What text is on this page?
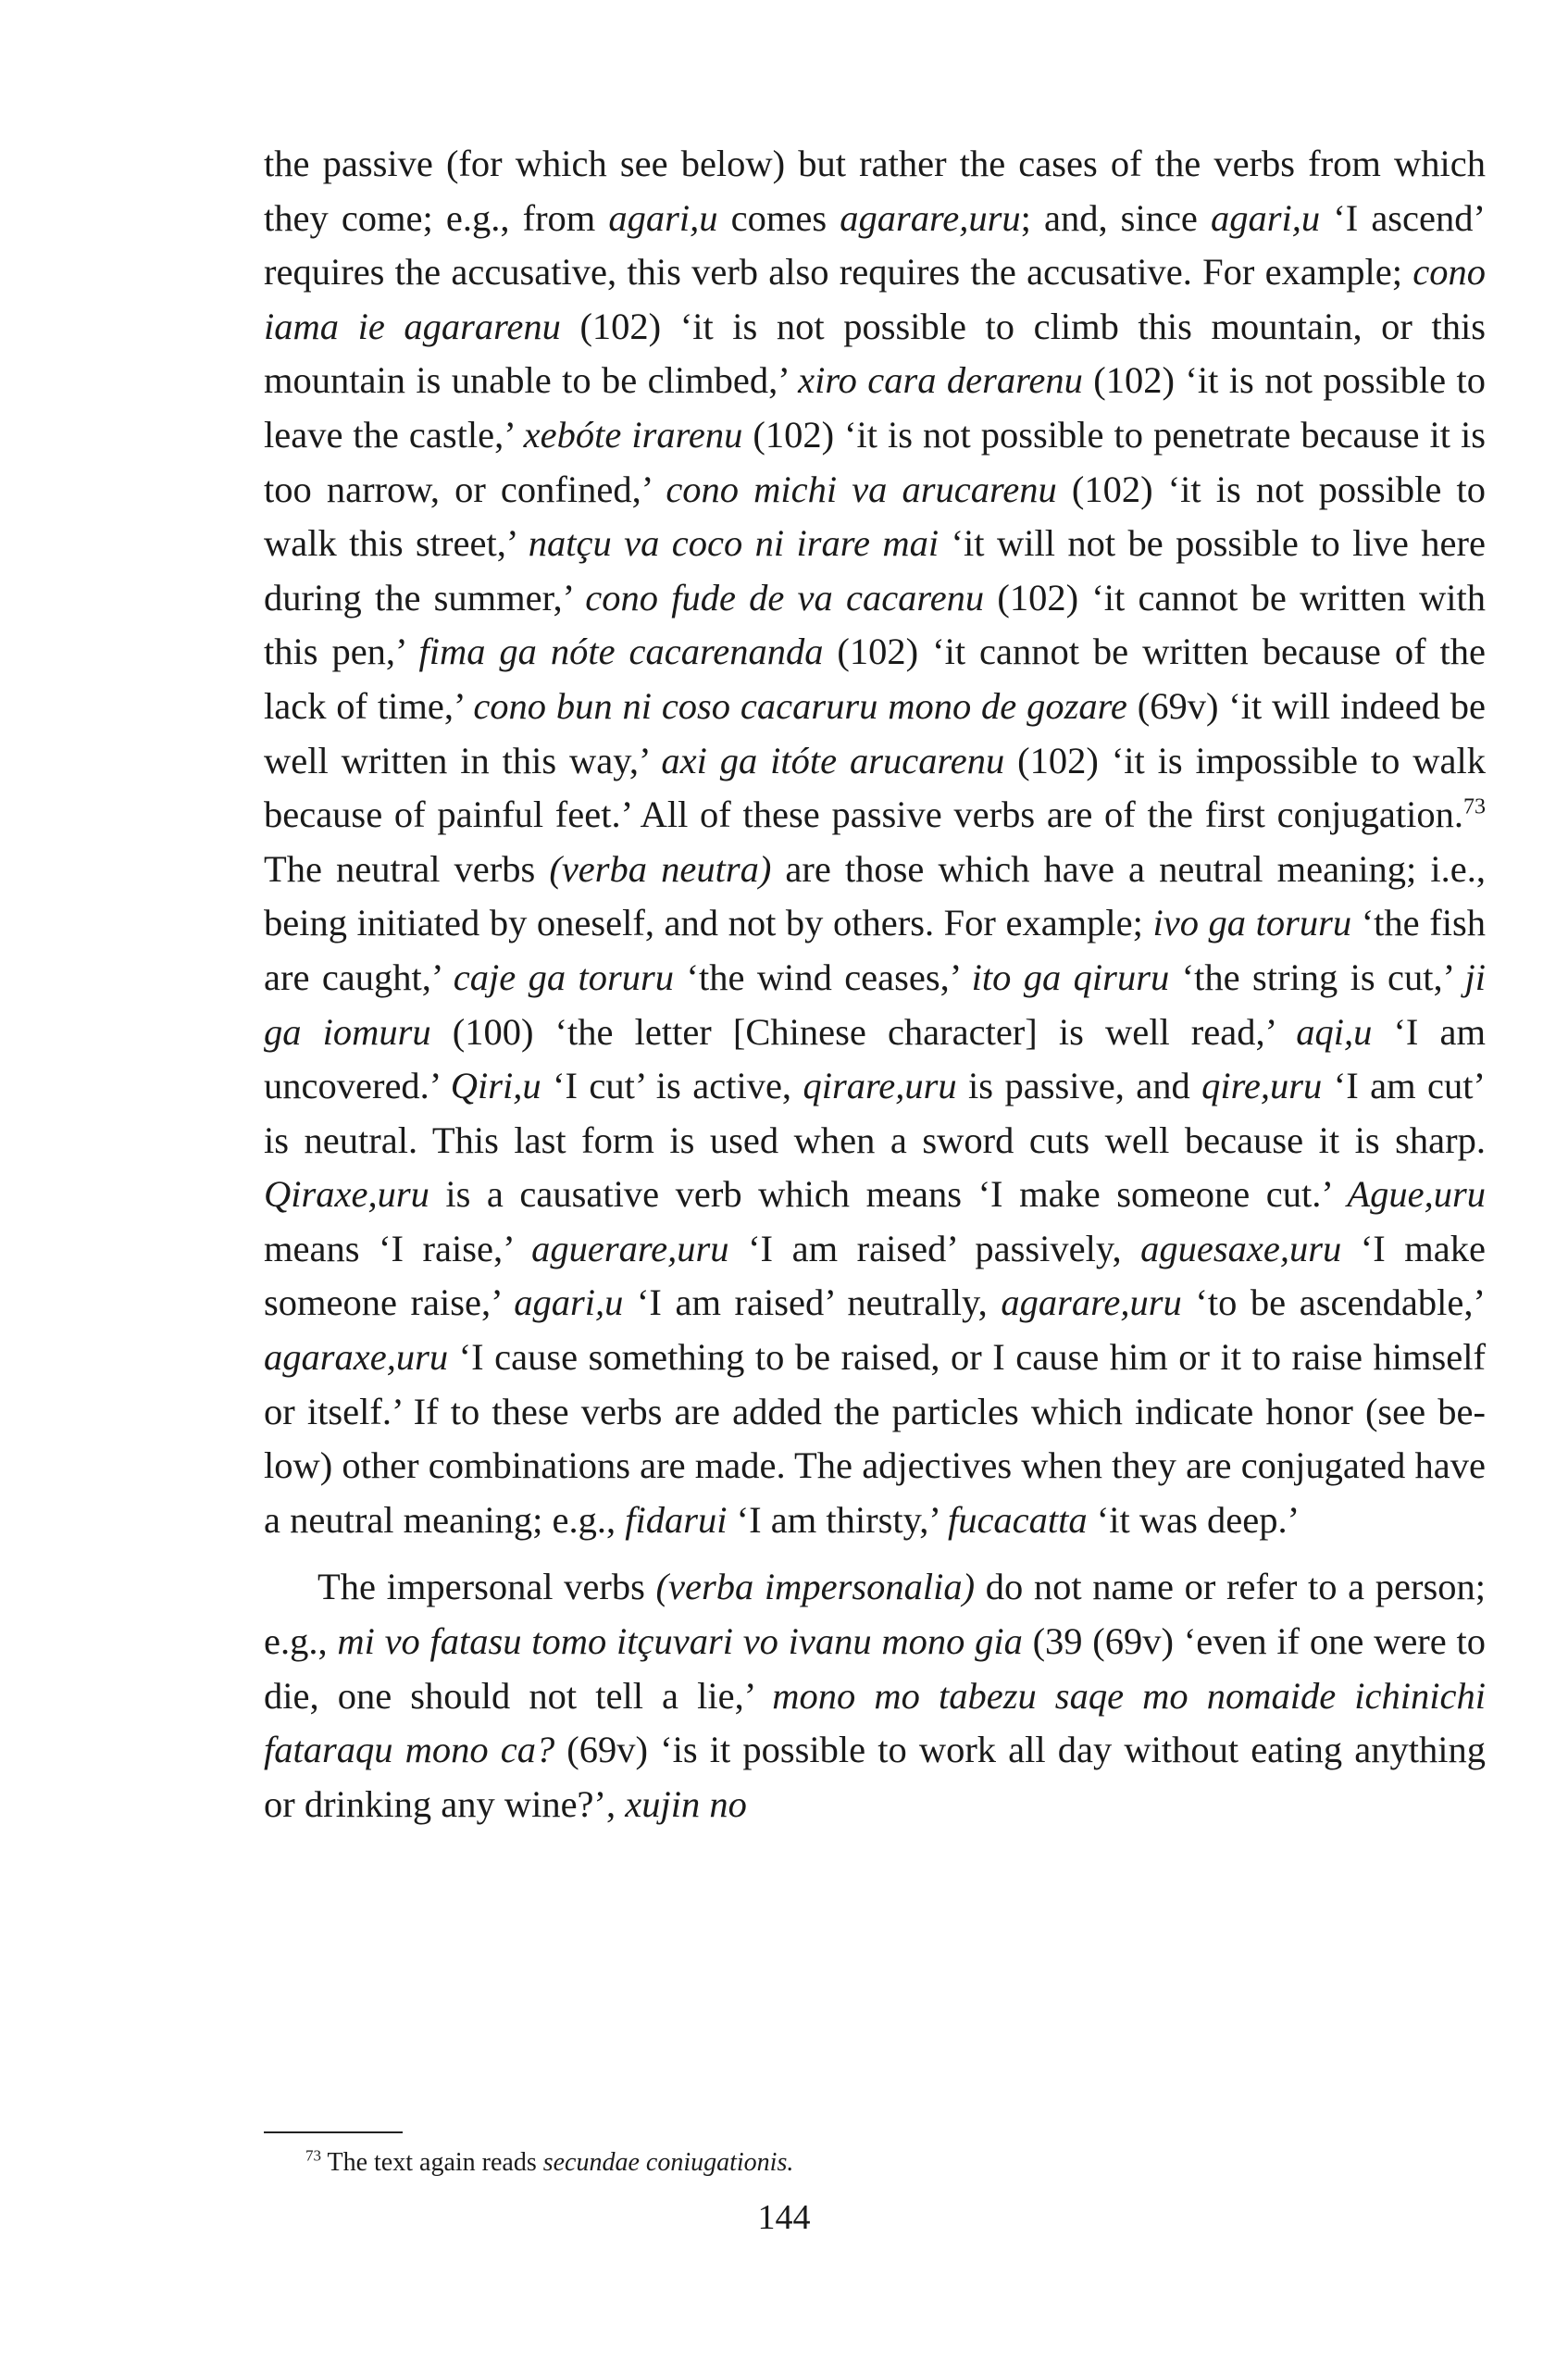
the passive (for which see below) but rather the cases of the verbs from which they come; e.g., from agari,u comes agarare,uru; and, since agari,u ‘I ascend’ requires the accusative, this verb also requires the accusative. For example; cono iama ie agararenu (102) ‘it is not possible to climb this mountain, or this mountain is unable to be climbed,’ xiro cara derarenu (102) ‘it is not possible to leave the castle,’ xebóte irarenu (102) ‘it is not possible to penetrate because it is too narrow, or confined,’ cono michi va arucarenu (102) ‘it is not possible to walk this street,’ natçu va coco ni irare mai ‘it will not be possible to live here during the summer,’ cono fude de va cacarenu (102) ‘it cannot be written with this pen,’ fima ga nóte cacarenanda (102) ‘it cannot be written because of the lack of time,’ cono bun ni coso cacaruru mono de gozare (69v) ‘it will indeed be well written in this way,’ axi ga itóte arucarenu (102) ‘it is impossible to walk because of painful feet.’ All of these passive verbs are of the first conjugation.$^{73}$ The neutral verbs (verba neutra) are those which have a neutral meaning; i.e., being initiated by oneself, and not by others. For example; ivo ga toruru ‘the fish are caught,’ caje ga toruru ‘the wind ceases,’ ito ga qiruru ‘the string is cut,’ ji ga iomuru (100) ‘the letter [Chinese character] is well read,’ aqi,u ‘I am uncovered.’ Qiri,u ‘I cut’ is active, qirare,uru is passive, and qire,uru ‘I am cut’ is neutral. This last form is used when a sword cuts well because it is sharp. Qiraxe,uru is a causative verb which means ‘I make someone cut.’ Ague,uru means ‘I raise,’ aguerare,uru ‘I am raised’ passively, aguesaxe,uru ‘I make someone raise,’ agari,u ‘I am raised’ neutrally, agarare,uru ‘to be ascendable,’ agaraxe,uru ‘I cause something to be raised, or I cause him or it to raise himself or itself.’ If to these verbs are added the particles which indicate honor (see below) other combinations are made. The adjectives when they are conjugated have a neutral meaning; e.g., fidarui ‘I am thirsty,’ fucacatta ‘it was deep.’

The impersonal verbs (verba impersonalia) do not name or refer to a person; e.g., mi vo fatasu tomo itçuvari vo ivanu mono gia (39 (69v) ‘even if one were to die, one should not tell a lie,’ mono mo tabezu saqe mo nomaide ichinichi fataraqu mono ca? (69v) ‘is it possible to work all day without eating anything or drinking any wine?’, xujin no

$^{73}$ The text again reads secundae coniugationis.
144
